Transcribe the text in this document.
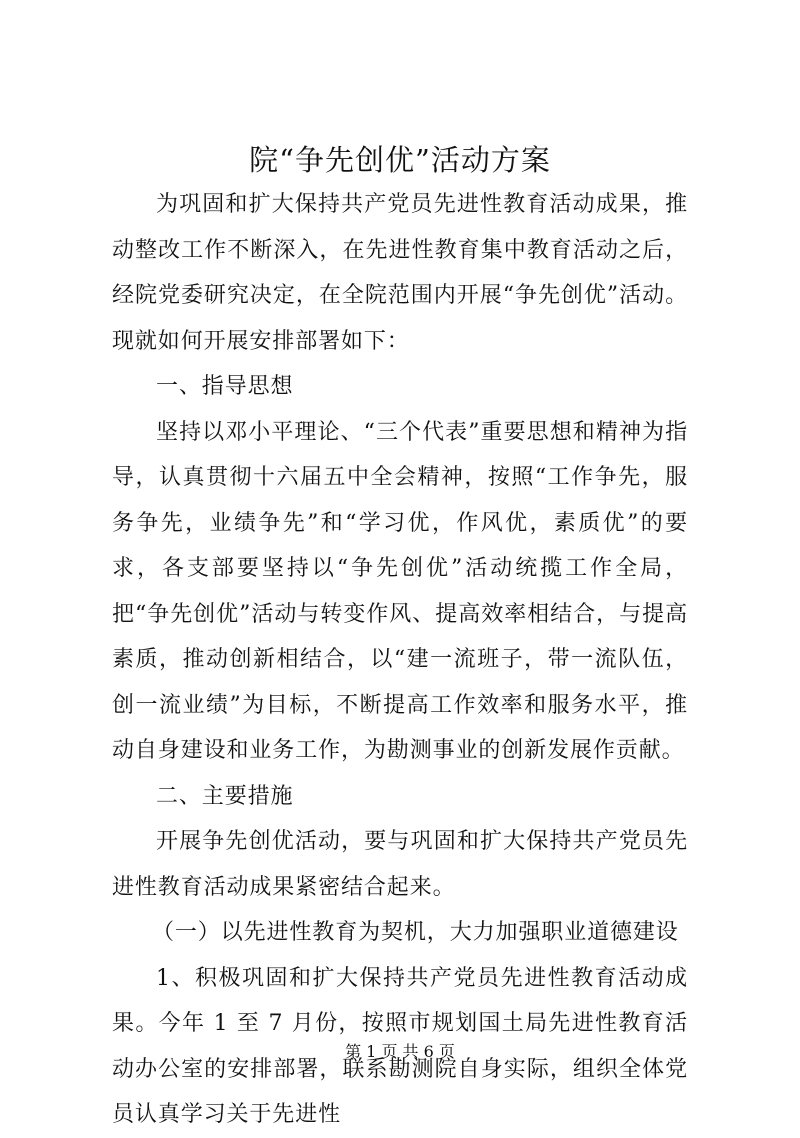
院“争先创优”活动方案

为巩固和扩大保持共产党员先进性教育活动成果，推动整改工作不断深入，在先进性教育集中教育活动之后，经院党委研究决定，在全院范围内开展“争先创优”活动。现就如何开展安排部署如下：

一、指导思想

坚持以邓小平理论、“三个代表”重要思想和精神为指导，认真贯彻十六届五中全会精神，按照“工作争先，服务争先，业绩争先”和“学习优，作风优，素质优”的要求，各支部要坚持以“争先创优”活动统揽工作全局，把“争先创优”活动与转变作风、提高效率相结合，与提高素质，推动创新相结合，以“建一流班子，带一流队伍，创一流业绩”为目标，不断提高工作效率和服务水平，推动自身建设和业务工作，为勘测事业的创新发展作贡献。

二、主要措施

开展争先创优活动，要与巩固和扩大保持共产党员先进性教育活动成果紧密结合起来。

（一）以先进性教育为契机，大力加强职业道德建设

1、积极巩固和扩大保持共产党员先进性教育活动成果。今年 1 至 7 月份，按照市规划国土局先进性教育活动办公室的安排部署，联系勘测院自身实际，组织全体党员认真学习关于先进性

第 1 页 共 6 页
